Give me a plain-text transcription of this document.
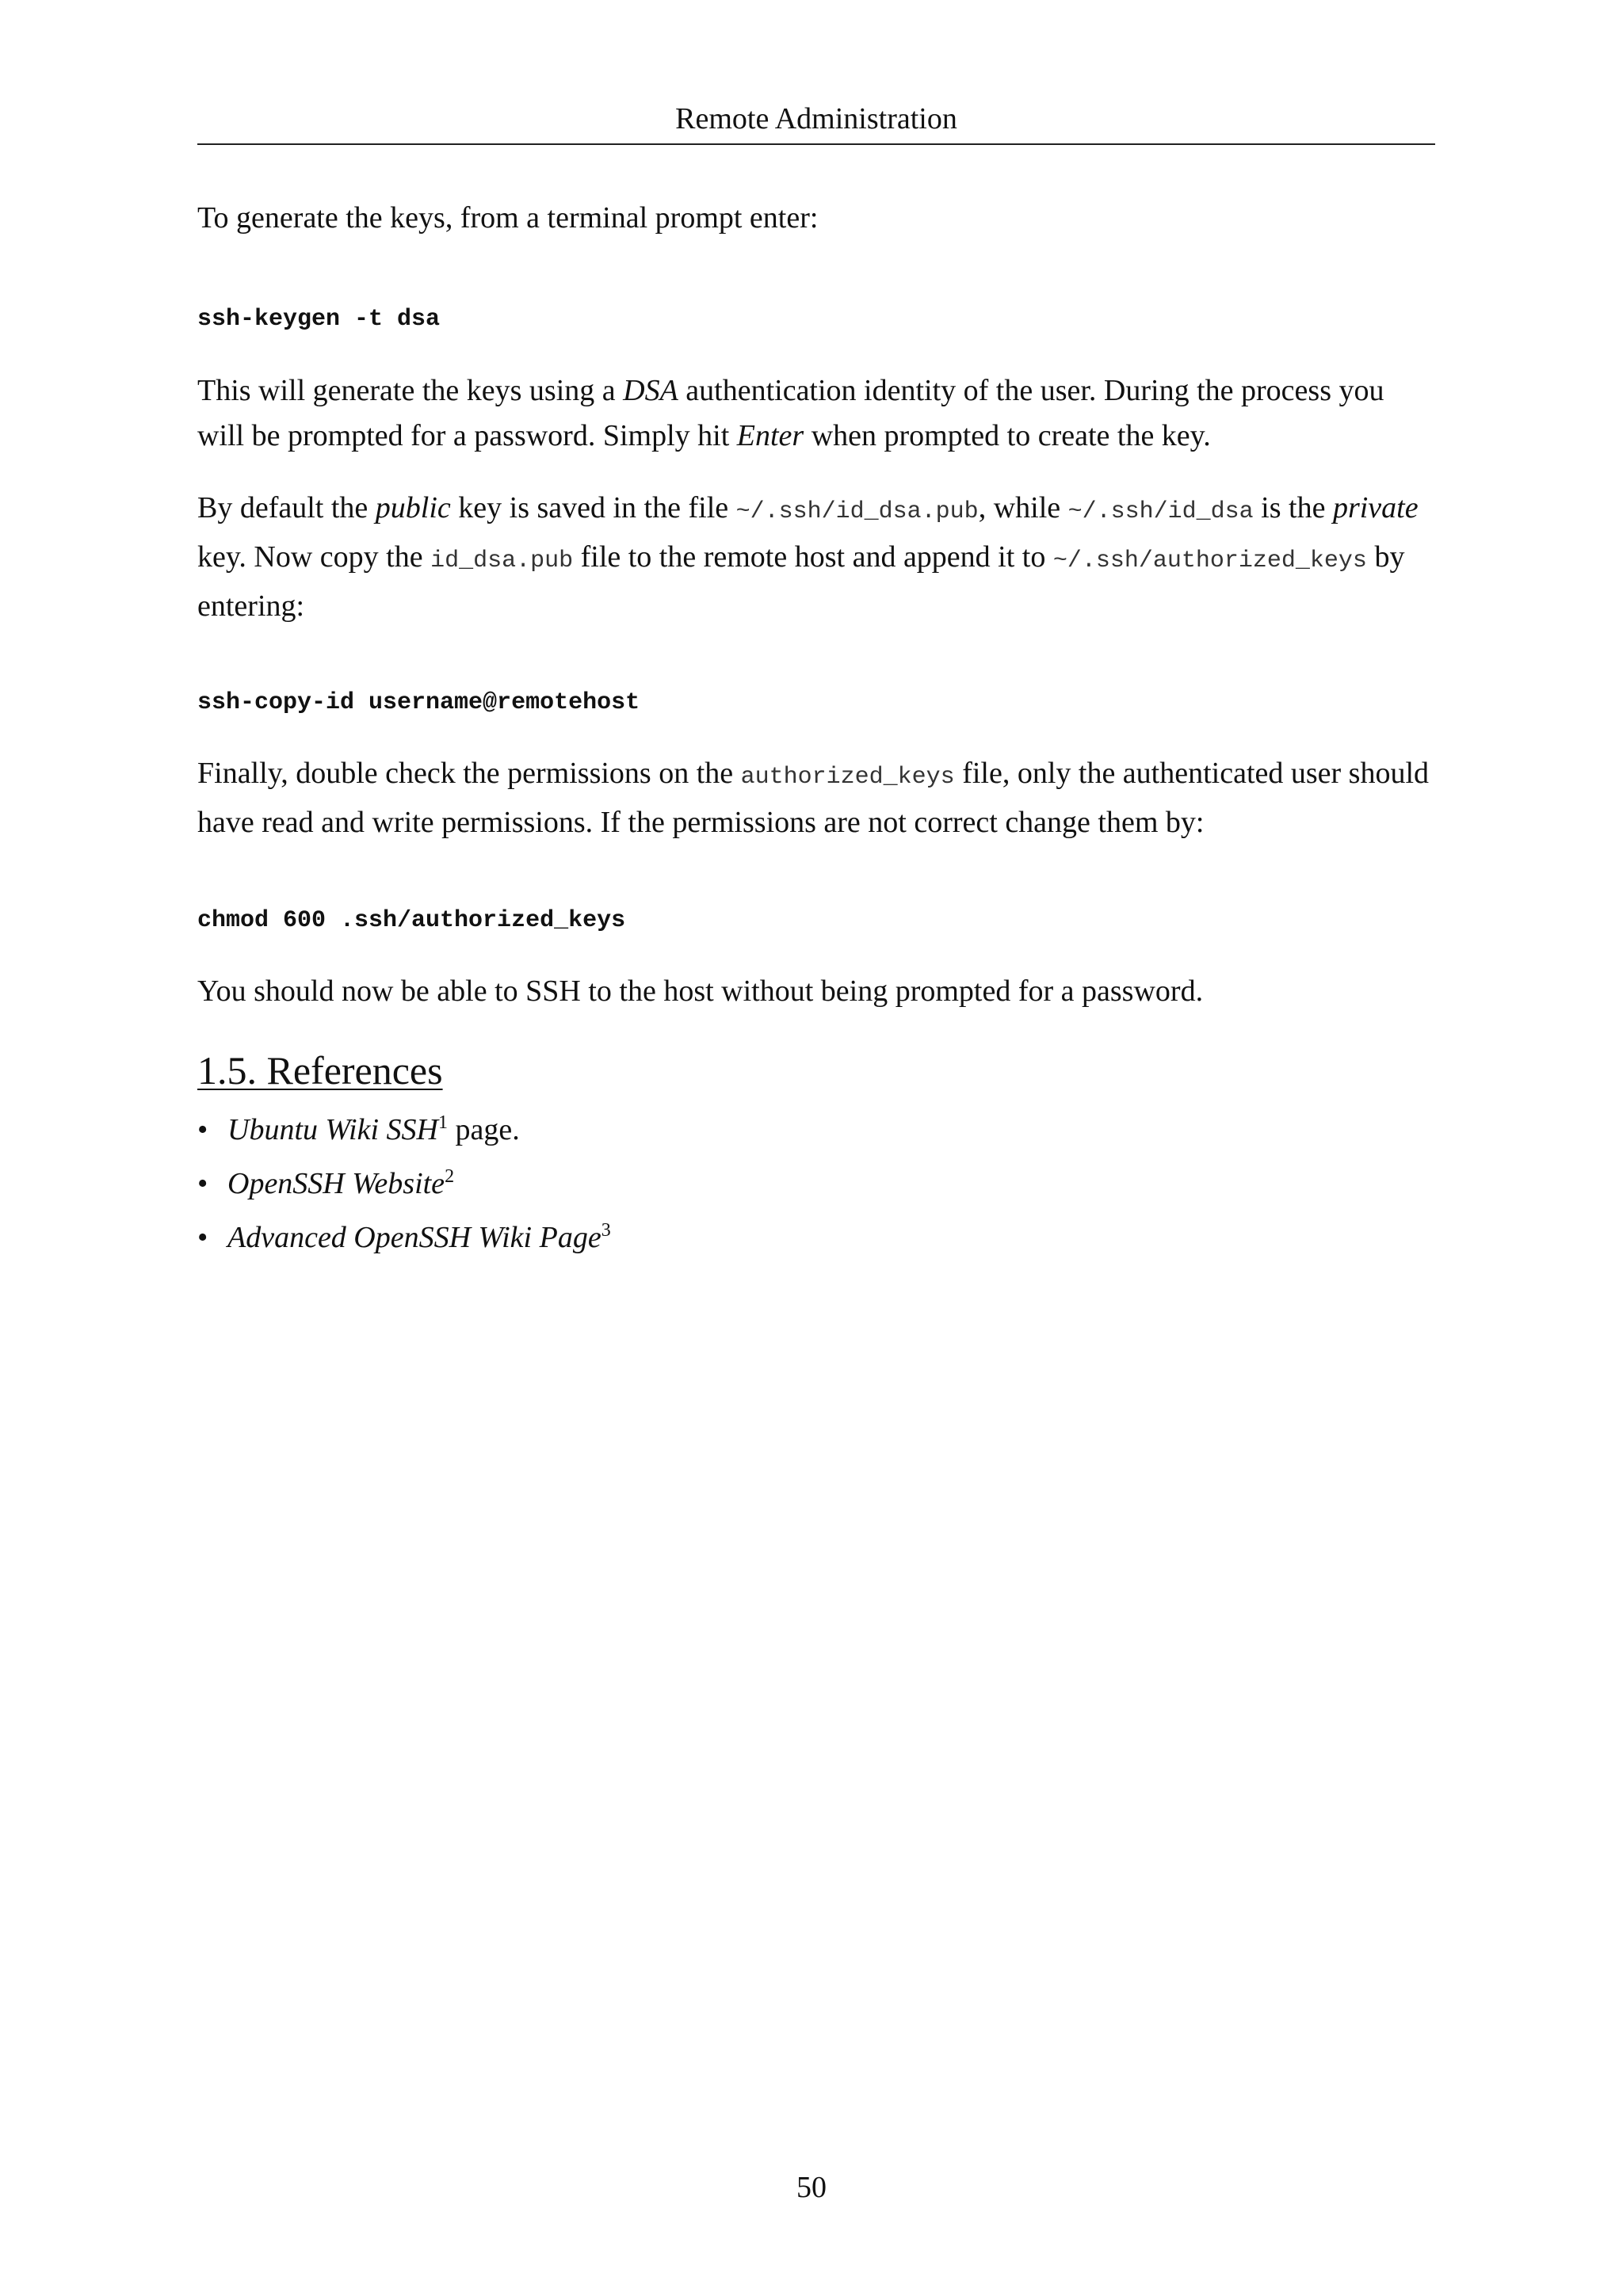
Remote Administration

To generate the keys, from a terminal prompt enter:

ssh-keygen -t dsa

This will generate the keys using a DSA authentication identity of the user. During the process you will be prompted for a password. Simply hit Enter when prompted to create the key.

By default the public key is saved in the file ~/.ssh/id_dsa.pub, while ~/.ssh/id_dsa is the private key. Now copy the id_dsa.pub file to the remote host and append it to ~/.ssh/authorized_keys by entering:

ssh-copy-id username@remotehost

Finally, double check the permissions on the authorized_keys file, only the authenticated user should have read and write permissions. If the permissions are not correct change them by:

chmod 600 .ssh/authorized_keys

You should now be able to SSH to the host without being prompted for a password.

1.5. References
• Ubuntu Wiki SSH$^1$ page.
• OpenSSH Website$^2$
• Advanced OpenSSH Wiki Page$^3$
50
